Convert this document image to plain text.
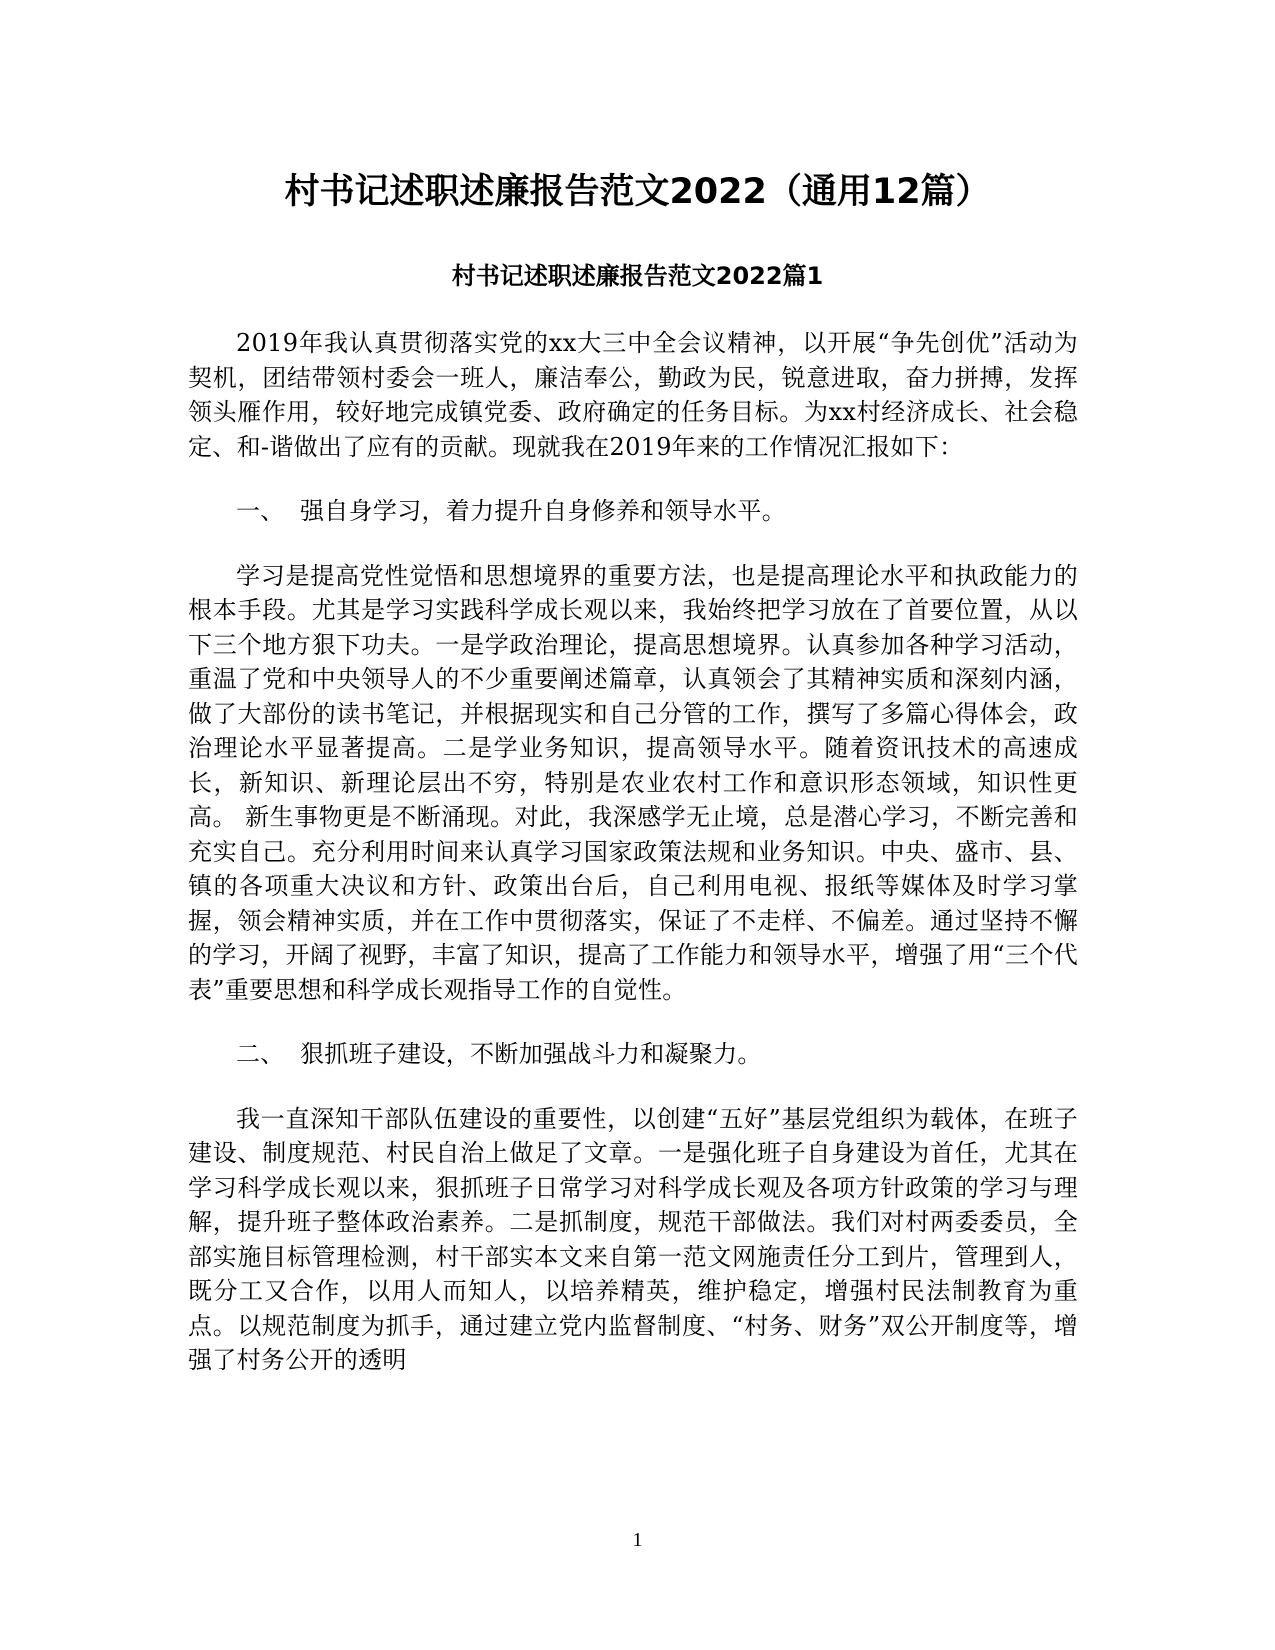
村书记述职述廉报告范文2022（通用12篇）
村书记述职述廉报告范文2022篇1

2019年我认真贯彻落实党的xx大三中全会议精神，以开展“争先创优”活动为契机，团结带领村委会一班人，廉洁奉公，勤政为民，锐意进取，奋力拼搏，发挥领头雁作用，较好地完成镇党委、政府确定的任务目标。为xx村经济成长、社会稳定、和-谐做出了应有的贡献。现就我在2019年来的工作情况汇报如下：

一、 强自身学习，着力提升自身修养和领导水平。

学习是提高党性觉悟和思想境界的重要方法，也是提高理论水平和执政能力的根本手段。尤其是学习实践科学成长观以来，我始终把学习放在了首要位置，从以下三个地方狠下功夫。一是学政治理论，提高思想境界。认真参加各种学习活动，重温了党和中央领导人的不少重要阐述篇章，认真领会了其精神实质和深刻内涵，做了大部份的读书笔记，并根据现实和自己分管的工作，撰写了多篇心得体会，政治理论水平显著提高。二是学业务知识，提高领导水平。随着资讯技术的高速成长，新知识、新理论层出不穷，特别是农业农村工作和意识形态领域，知识性更高。 新生事物更是不断涌现。对此，我深感学无止境，总是潜心学习，不断完善和充实自己。充分利用时间来认真学习国家政策法规和业务知识。中央、盛市、县、镇的各项重大决议和方针、政策出台后，自己利用电视、报纸等媒体及时学习掌握，领会精神实质，并在工作中贯彻落实，保证了不走样、不偏差。通过坚持不懈的学习，开阔了视野，丰富了知识，提高了工作能力和领导水平，增强了用“三个代表”重要思想和科学成长观指导工作的自觉性。

二、 狠抓班子建设，不断加强战斗力和凝聚力。

我一直深知干部队伍建设的重要性，以创建“五好”基层党组织为载体，在班子建设、制度规范、村民自治上做足了文章。一是强化班子自身建设为首任，尤其在学习科学成长观以来，狠抓班子日常学习对科学成长观及各项方针政策的学习与理解，提升班子整体政治素养。二是抓制度，规范干部做法。我们对村两委委员，全部实施目标管理检测，村干部实本文来自第一范文网施责任分工到片，管理到人，既分工又合作，以用人而知人，以培养精英，维护稳定，增强村民法制教育为重点。以规范制度为抓手，通过建立党内监督制度、“村务、财务”双公开制度等，增强了村务公开的透明

1
